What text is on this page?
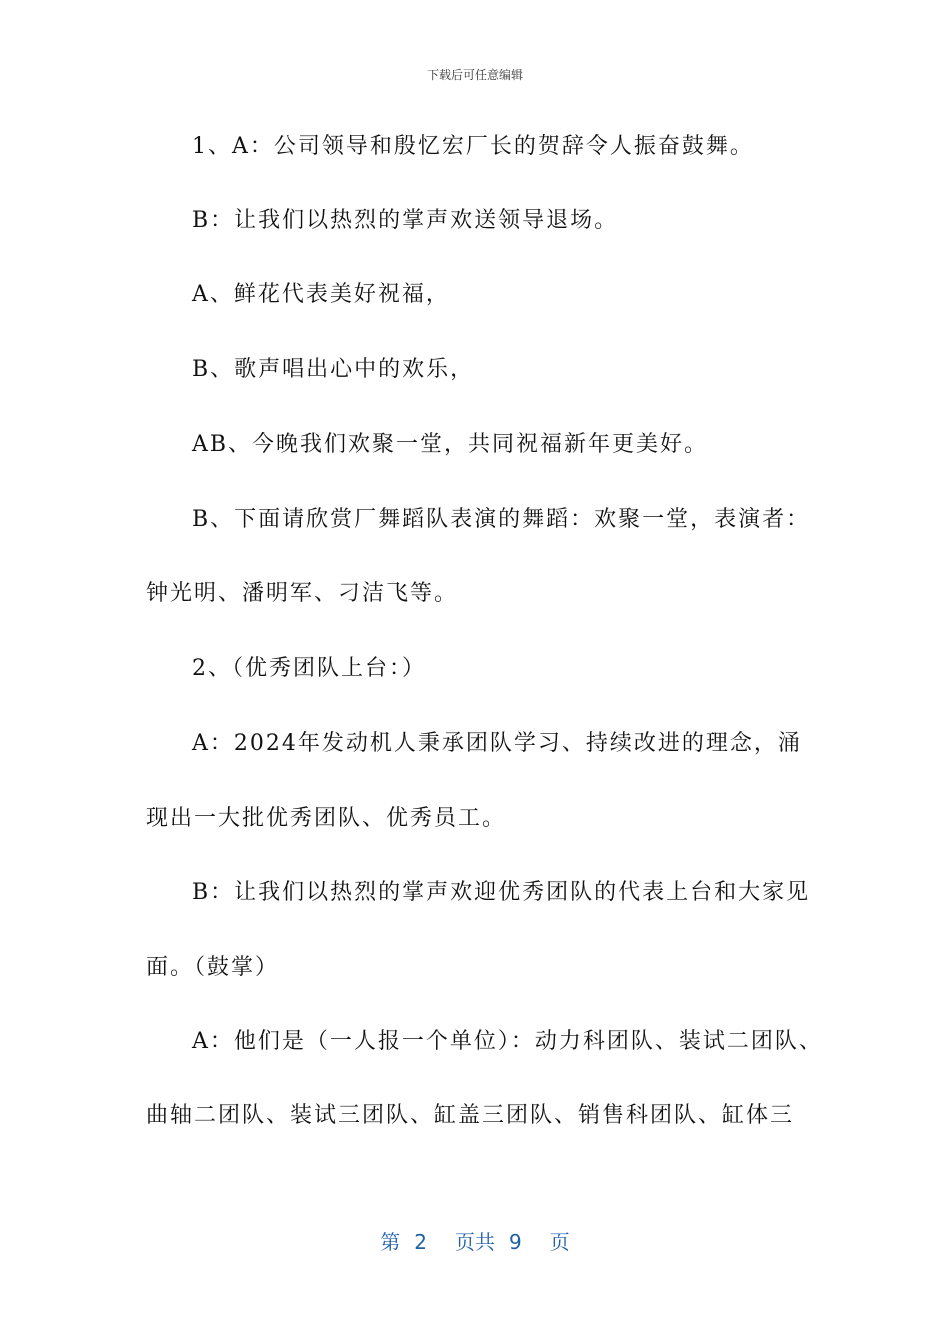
下载后可任意编辑
1、A：公司领导和殷忆宏厂长的贺辞令人振奋鼓舞。
B：让我们以热烈的掌声欢送领导退场。
A、鲜花代表美好祝福，
B、歌声唱出心中的欢乐，
AB、今晚我们欢聚一堂，共同祝福新年更美好。
B、下面请欣赏厂舞蹈队表演的舞蹈：欢聚一堂，表演者：
钟光明、潘明军、刁洁飞等。
2、（优秀团队上台：）
A：2024年发动机人秉承团队学习、持续改进的理念，涌
现出一大批优秀团队、优秀员工。
B：让我们以热烈的掌声欢迎优秀团队的代表上台和大家见
面。（鼓掌）
A：他们是（一人报一个单位）：动力科团队、装试二团队、
曲轴二团队、装试三团队、缸盖三团队、销售科团队、缸体三
第 2 页共 9 页
